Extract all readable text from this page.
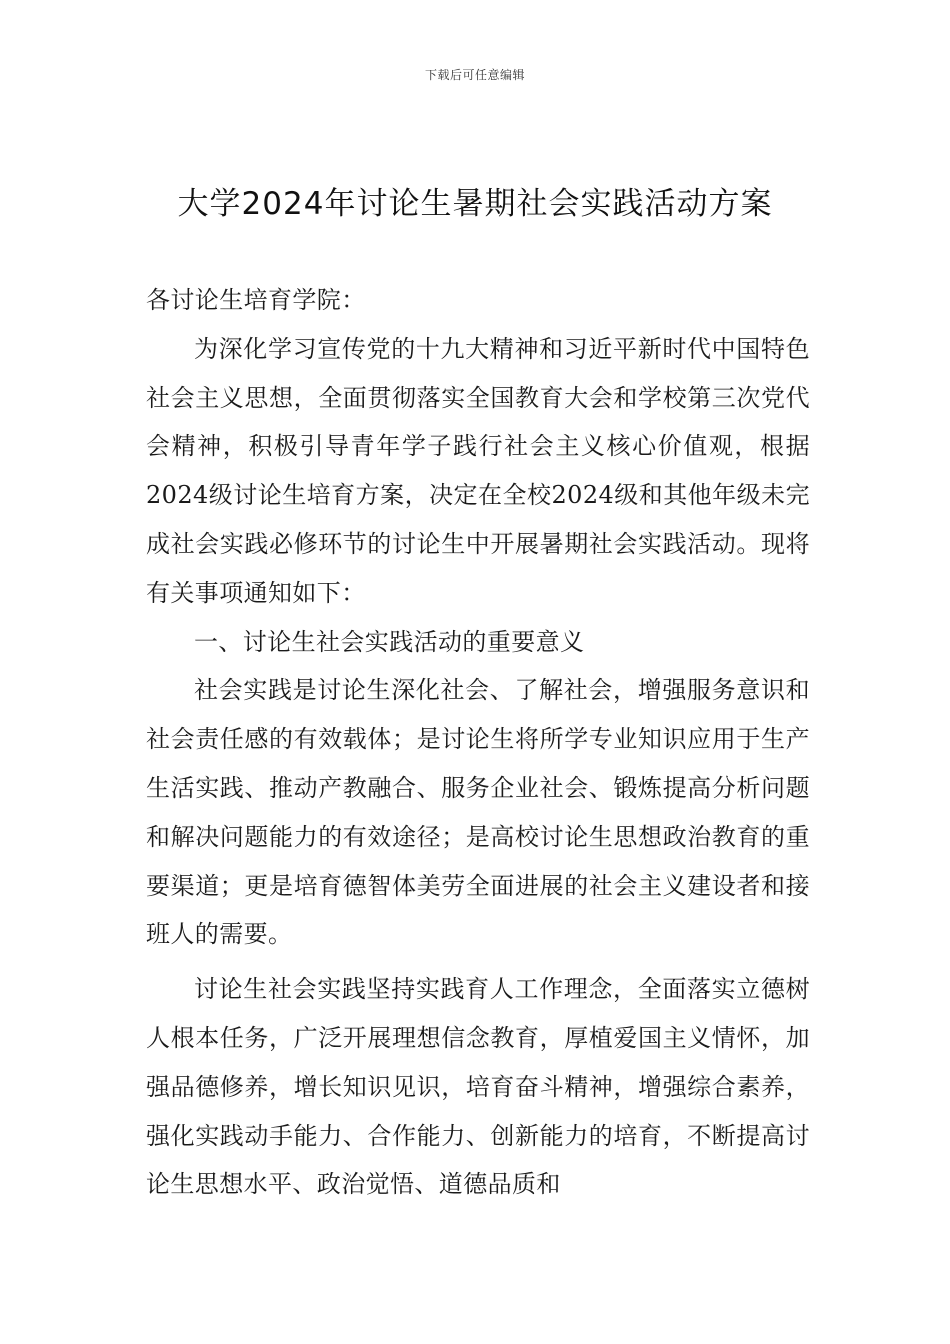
下载后可任意编辑
大学2024年讨论生暑期社会实践活动方案

各讨论生培育学院：

为深化学习宣传党的十九大精神和习近平新时代中国特色社会主义思想，全面贯彻落实全国教育大会和学校第三次党代会精神，积极引导青年学子践行社会主义核心价值观，根据2024级讨论生培育方案，决定在全校2024级和其他年级未完成社会实践必修环节的讨论生中开展暑期社会实践活动。现将有关事项通知如下：

一、讨论生社会实践活动的重要意义

社会实践是讨论生深化社会、了解社会，增强服务意识和社会责任感的有效载体；是讨论生将所学专业知识应用于生产生活实践、推动产教融合、服务企业社会、锻炼提高分析问题和解决问题能力的有效途径；是高校讨论生思想政治教育的重要渠道；更是培育德智体美劳全面进展的社会主义建设者和接班人的需要。

讨论生社会实践坚持实践育人工作理念，全面落实立德树人根本任务，广泛开展理想信念教育，厚植爱国主义情怀，加强品德修养，增长知识见识，培育奋斗精神，增强综合素养，强化实践动手能力、合作能力、创新能力的培育，不断提高讨论生思想水平、政治觉悟、道德品质和
